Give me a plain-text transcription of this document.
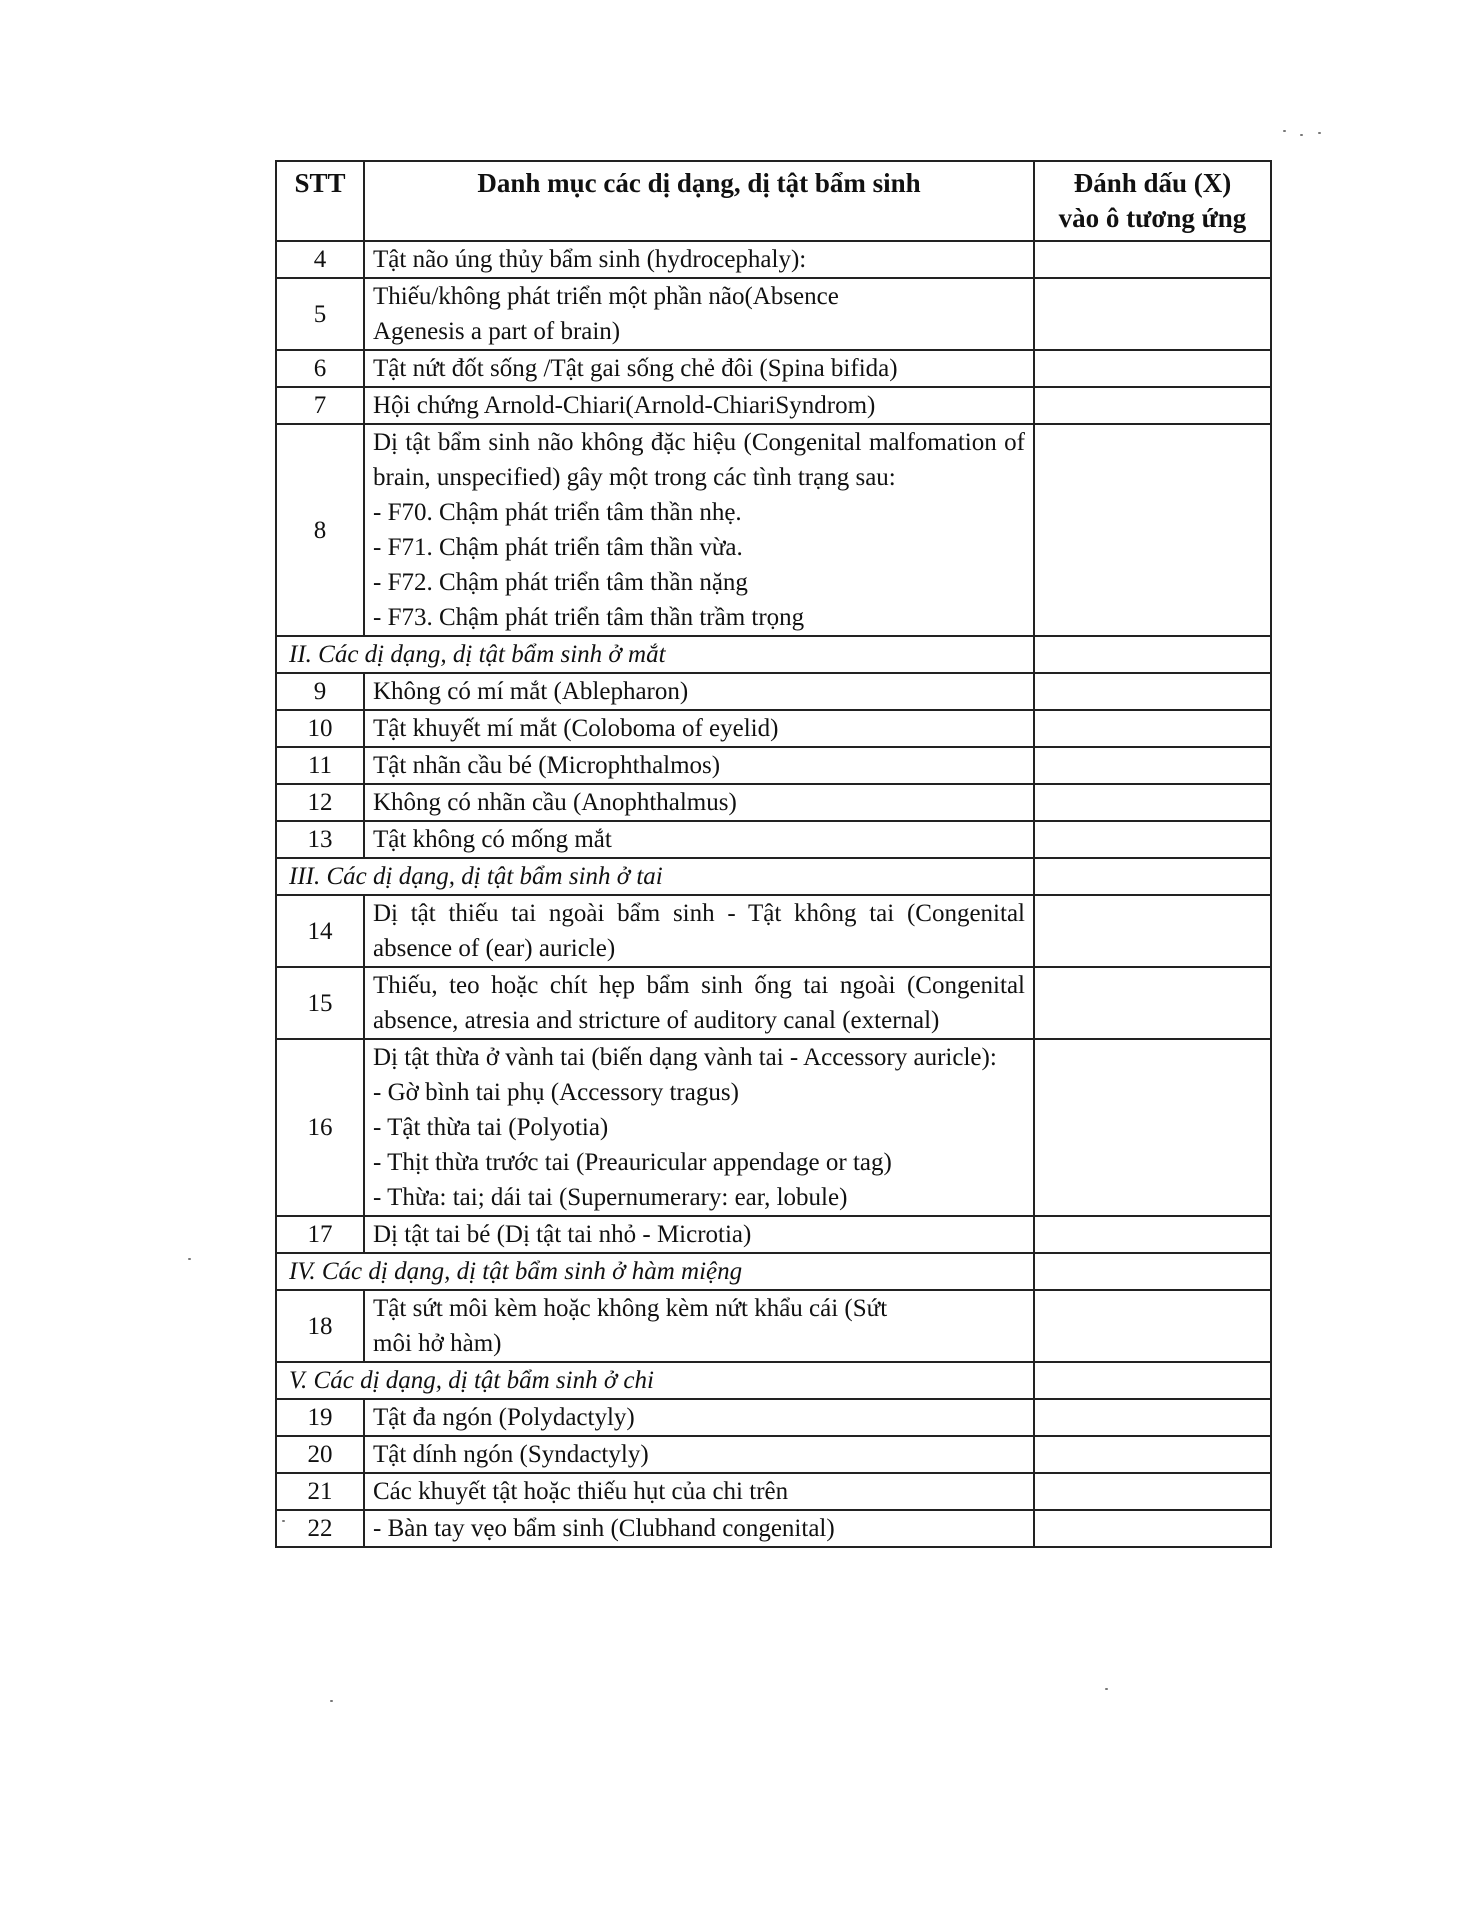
STT	Danh mục các dị dạng, dị tật bẩm sinh	Đánh dấu (X)
vào ô tương ứng

4	Tật não úng thủy bẩm sinh (hydrocephaly):	

5	Thiếu/không phát triển một phần não(Absence
Agenesis a part of brain)	

6	Tật nứt đốt sống /Tật gai sống chẻ đôi (Spina bifida)	

7	Hội chứng Arnold-Chiari(Arnold-ChiariSyndrom)	

8	Dị tật bẩm sinh não không đặc hiệu (Congenital malfomation of brain, unspecified) gây một trong các tình trạng sau:
- F70. Chậm phát triển tâm thần nhẹ.
- F71. Chậm phát triển tâm thần vừa.
- F72. Chậm phát triển tâm thần nặng
- F73. Chậm phát triển tâm thần trầm trọng	

II. Các dị dạng, dị tật bẩm sinh ở mắt		
9	Không có mí mắt (Ablepharon)	

10	Tật khuyết mí mắt (Coloboma of eyelid)	

11	Tật nhãn cầu bé (Microphthalmos)	

12	Không có nhãn cầu (Anophthalmus)	

13	Tật không có mống mắt	

III. Các dị dạng, dị tật bẩm sinh ở tai		
14	Dị tật thiếu tai ngoài bẩm sinh - Tật không tai (Congenital absence of (ear) auricle)	

15	Thiếu, teo hoặc chít hẹp bẩm sinh ống tai ngoài (Congenital absence, atresia and stricture of auditory canal (external)	

16	Dị tật thừa ở vành tai (biến dạng vành tai - Accessory auricle):
- Gờ bình tai phụ (Accessory tragus)
- Tật thừa tai (Polyotia)
- Thịt thừa trước tai (Preauricular appendage or tag)
- Thừa: tai; dái tai (Supernumerary: ear, lobule)	

17	Dị tật tai bé (Dị tật tai nhỏ - Microtia)	

IV. Các dị dạng, dị tật bẩm sinh ở hàm miệng		
18	Tật sứt môi kèm hoặc không kèm nứt khẩu cái (Sứt
môi hở hàm)	

V. Các dị dạng, dị tật bẩm sinh ở chi		
19	Tật đa ngón (Polydactyly)	

20	Tật dính ngón (Syndactyly)	

21	Các khuyết tật hoặc thiếu hụt của chi trên	

22	- Bàn tay vẹo bẩm sinh (Clubhand congenital)	
